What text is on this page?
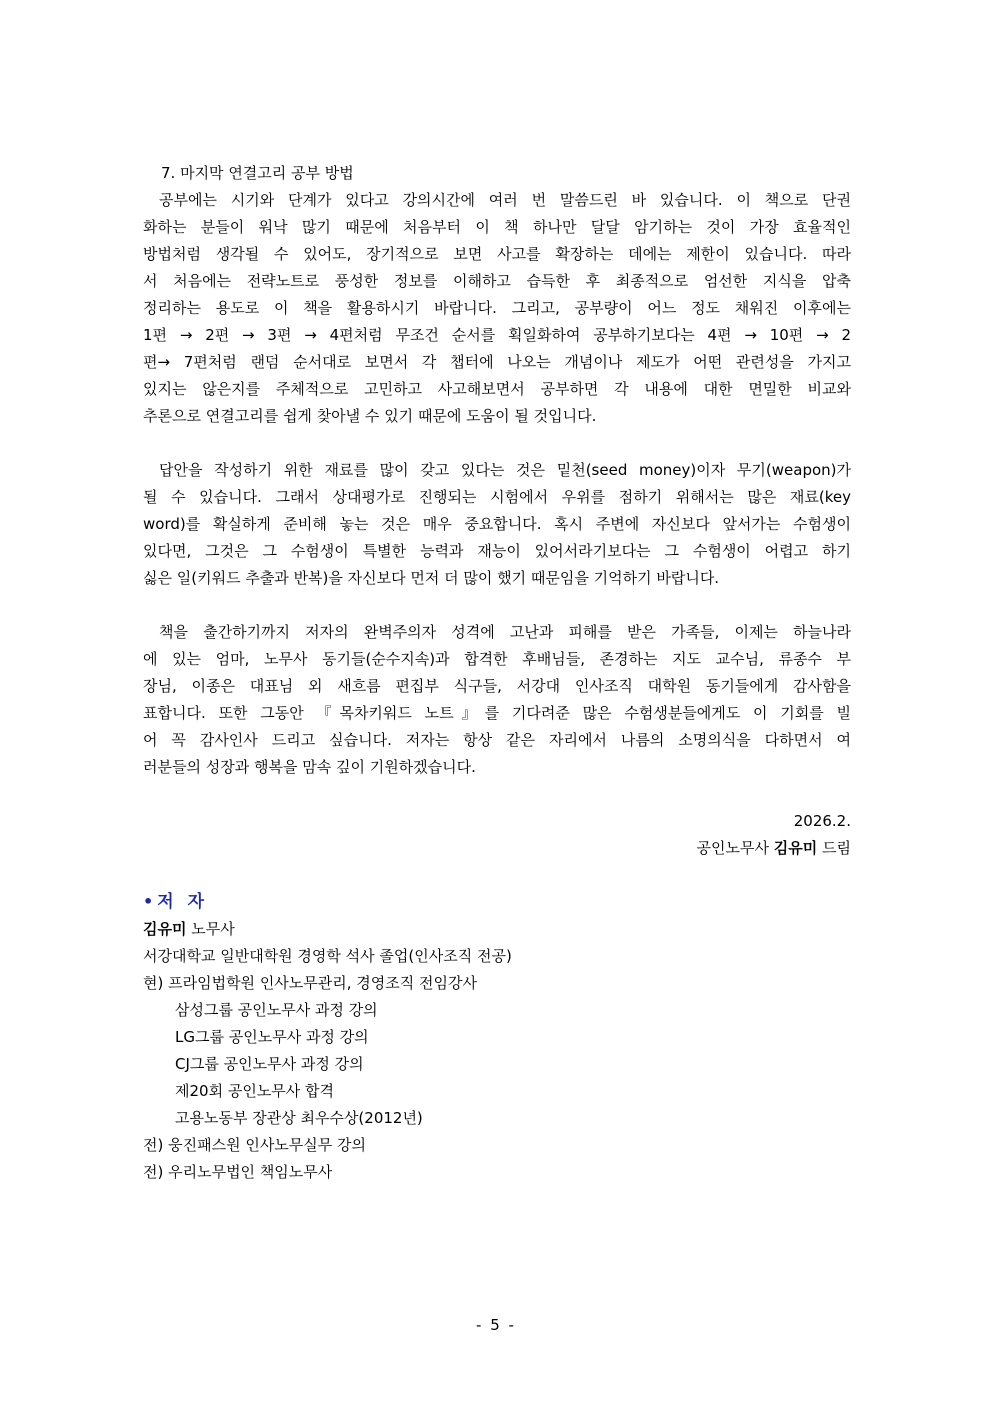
7. 마지막 연결고리 공부 방법
공부에는 시기와 단계가 있다고 강의시간에 여러 번 말씀드린 바 있습니다. 이 책으로 단권
화하는 분들이 워낙 많기 때문에 처음부터 이 책 하나만 달달 암기하는 것이 가장 효율적인
방법처럼 생각될 수 있어도, 장기적으로 보면 사고를 확장하는 데에는 제한이 있습니다. 따라
서 처음에는 전략노트로 풍성한 정보를 이해하고 습득한 후 최종적으로 엄선한 지식을 압축
정리하는 용도로 이 책을 활용하시기 바랍니다. 그리고, 공부량이 어느 정도 채워진 이후에는
1편 → 2편 → 3편 → 4편처럼 무조건 순서를 획일화하여 공부하기보다는 4편 → 10편 → 2
편→ 7편처럼 랜덤 순서대로 보면서 각 챕터에 나오는 개념이나 제도가 어떤 관련성을 가지고
있지는 않은지를 주체적으로 고민하고 사고해보면서 공부하면 각 내용에 대한 면밀한 비교와
추론으로 연결고리를 쉽게 찾아낼 수 있기 때문에 도움이 될 것입니다.
답안을 작성하기 위한 재료를 많이 갖고 있다는 것은 밑천(seed money)이자 무기(weapon)가
될 수 있습니다. 그래서 상대평가로 진행되는 시험에서 우위를 점하기 위해서는 많은 재료(key
word)를 확실하게 준비해 놓는 것은 매우 중요합니다. 혹시 주변에 자신보다 앞서가는 수험생이
있다면, 그것은 그 수험생이 특별한 능력과 재능이 있어서라기보다는 그 수험생이 어렵고 하기
싫은 일(키워드 추출과 반복)을 자신보다 먼저 더 많이 했기 때문임을 기억하기 바랍니다.
책을 출간하기까지 저자의 완벽주의자 성격에 고난과 피해를 받은 가족들, 이제는 하늘나라
에 있는 엄마, 노무사 동기들(순수지속)과 합격한 후배님들, 존경하는 지도 교수님, 류종수 부
장님, 이종은 대표님 외 새흐름 편집부 식구들, 서강대 인사조직 대학원 동기들에게 감사함을
표합니다. 또한 그동안 『목차키워드 노트』를 기다려준 많은 수험생분들에게도 이 기회를 빌
어 꼭 감사인사 드리고 싶습니다. 저자는 항상 같은 자리에서 나름의 소명의식을 다하면서 여
러분들의 성장과 행복을 맘속 깊이 기원하겠습니다.
2026.2.
공인노무사 김유미 드림
• 저 자
김유미 노무사
서강대학교 일반대학원 경영학 석사 졸업(인사조직 전공)
현) 프라임법학원 인사노무관리, 경영조직 전임강사
삼성그룹 공인노무사 과정 강의
LG그룹 공인노무사 과정 강의
CJ그룹 공인노무사 과정 강의
제20회 공인노무사 합격
고용노동부 장관상 최우수상(2012년)
전) 웅진패스원 인사노무실무 강의
전) 우리노무법인 책임노무사
- 5 -
